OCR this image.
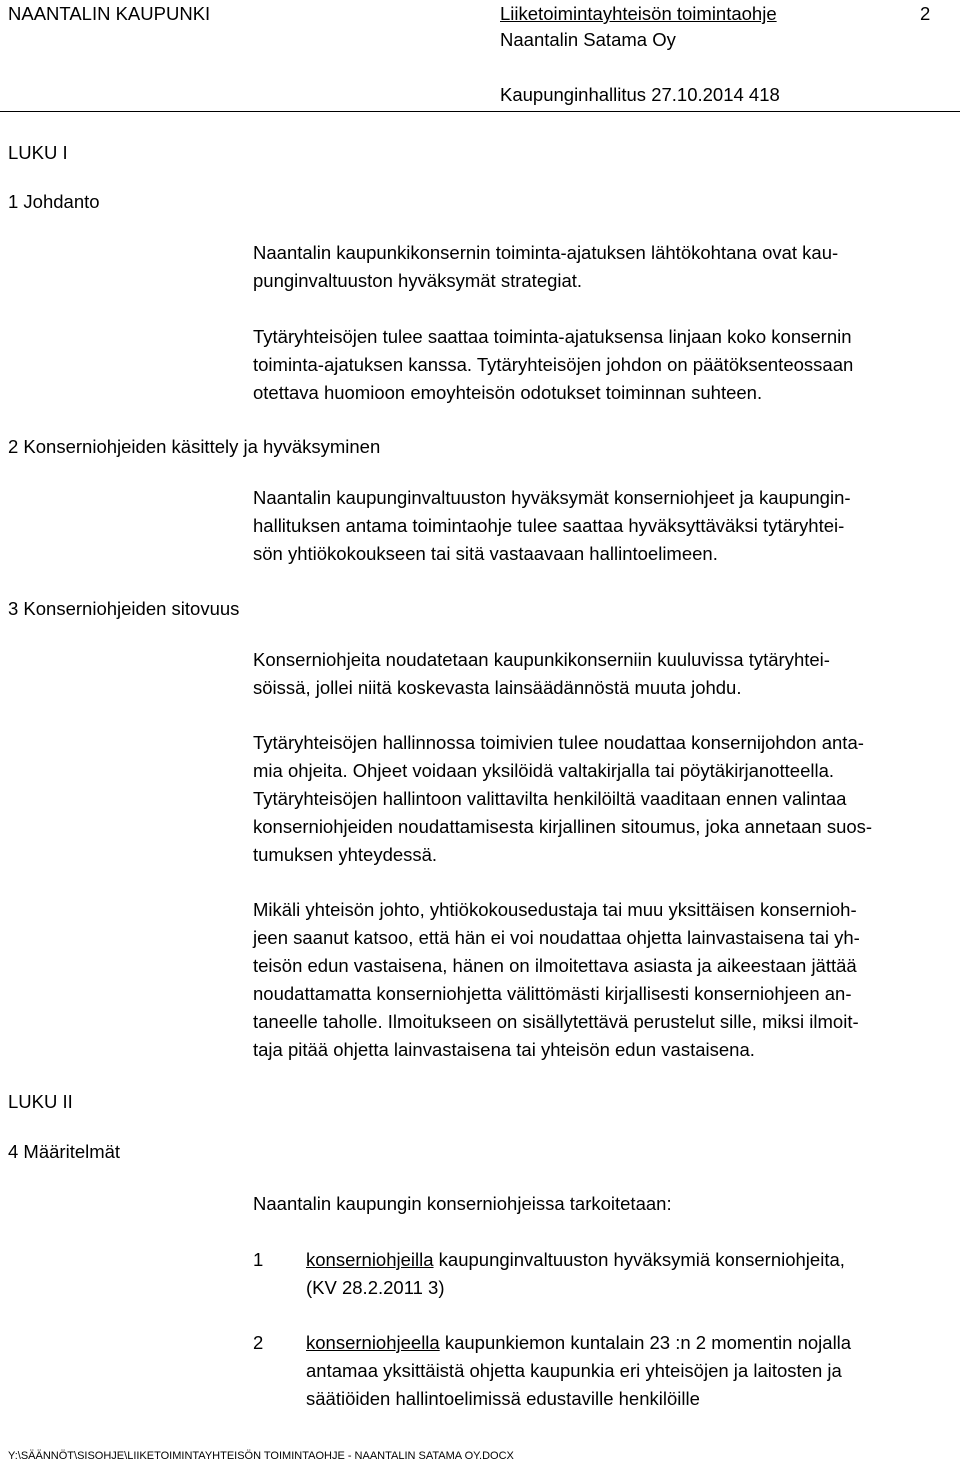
NAANTALIN KAUPUNKI	Liiketoimintayhteisön toimintaohje	2
Naantalin Satama Oy
Kaupunginhallitus 27.10.2014 418
LUKU I
1 Johdanto
2 Konserniohjeiden käsittely ja hyväksyminen
3 Konserniohjeiden sitovuus
LUKU II
4 Määritelmät

Naantalin kaupunkikonsernin toiminta-ajatuksen lähtökohtana ovat kau-

punginvaltuuston hyväksymät strategiat.

Tytäryhteisöjen tulee saattaa toiminta-ajatuksensa linjaan koko konsernin

toiminta-ajatuksen kanssa. Tytäryhteisöjen johdon on päätöksenteossaan

otettava huomioon emoyhteisön odotukset toiminnan suhteen.

Naantalin kaupunginvaltuuston hyväksymät konserniohjeet ja kaupungin-

hallituksen antama toimintaohje tulee saattaa hyväksyttäväksi tytäryhtei-

sön yhtiökokoukseen tai sitä vastaavaan hallintoelimeen.

Konserniohjeita noudatetaan kaupunkikonserniin kuuluvissa tytäryhtei-

söissä, jollei niitä koskevasta lainsäädännöstä muuta johdu.

Tytäryhteisöjen hallinnossa toimivien tulee noudattaa konsernijohdon anta-

mia ohjeita. Ohjeet voidaan yksilöidä valtakirjalla tai pöytäkirjanotteella.

Tytäryhteisöjen hallintoon valittavilta henkilöiltä vaaditaan ennen valintaa

konserniohjeiden noudattamisesta kirjallinen sitoumus, joka annetaan suos-

tumuksen yhteydessä.

Mikäli yhteisön johto, yhtiökokousedustaja tai muu yksittäisen konsernioh-

jeen saanut katsoo, että hän ei voi noudattaa ohjetta lainvastaisena tai yh-

teisön edun vastaisena, hänen on ilmoitettava asiasta ja aikeestaan jättää

noudattamatta konserniohjetta välittömästi kirjallisesti konserniohjeen an-

taneelle taholle. Ilmoitukseen on sisällytettävä perustelut sille, miksi ilmoit-

taja pitää ohjetta lainvastaisena tai yhteisön edun vastaisena.

Naantalin kaupungin konserniohjeissa tarkoitetaan:

1 konserniohjeilla kaupunginvaltuuston hyväksymiä konserniohjeita,
(KV 28.2.2011 3)
2 konserniohjeella kaupunkiemon kuntalain 23 :n 2 momentin nojalla
antamaa yksittäistä ohjetta kaupunkia eri yhteisöjen ja laitosten ja
säätiöiden hallintoelimissä edustaville henkilöille
Y:\SÄÄNNÖT\SISOHJE\LIIKETOIMINTAYHTEISÖN TOIMINTAOHJE - NAANTALIN SATAMA OY.DOCX
